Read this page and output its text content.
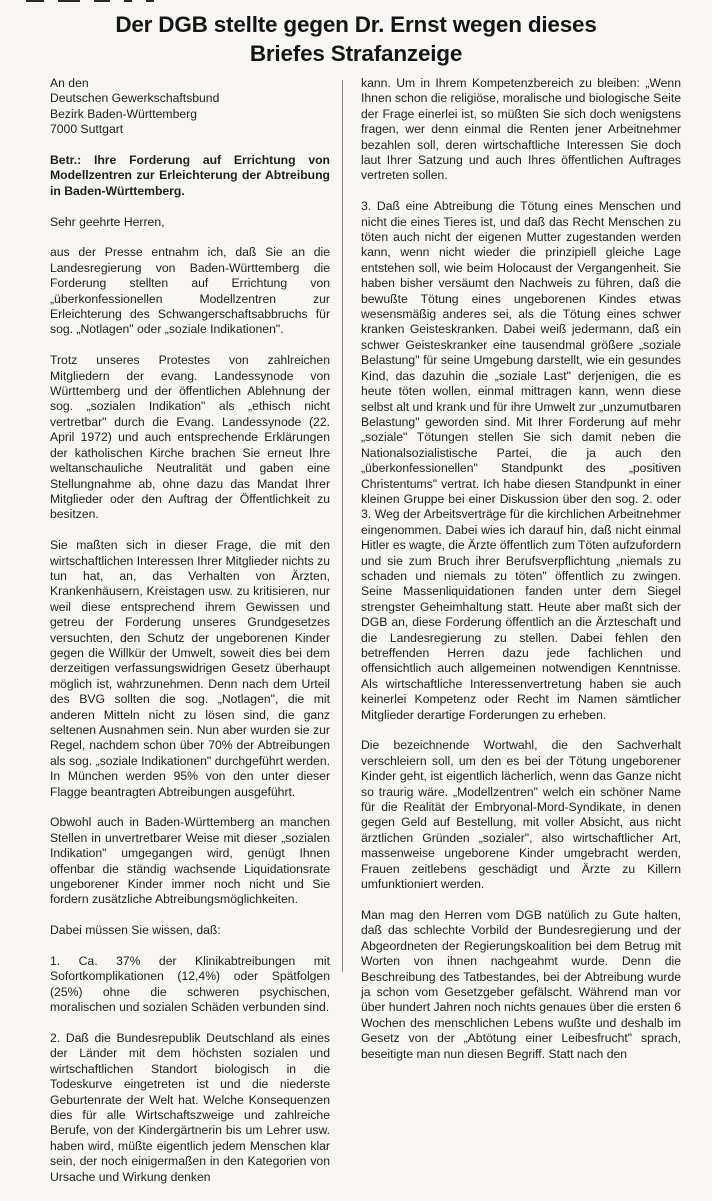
Der DGB stellte gegen Dr. Ernst wegen dieses
Briefes Strafanzeige

An den

Deutschen Gewerkschaftsbund

Bezirk Baden-Württemberg

7000 Suttgart

Betr.: Ihre Forderung auf Errichtung von Modellzentren zur Erleichterung der Abtreibung in Baden-Württemberg.

Sehr geehrte Herren,

aus der Presse entnahm ich, daß Sie an die Landesregierung von Baden-Württemberg die Forderung stellten auf Errichtung von „überkonfessionellen Modellzentren zur Erleichterung des Schwangerschaftsabbruchs für sog. „Notlagen" oder „soziale Indikationen".

Trotz unseres Protestes von zahlreichen Mitgliedern der evang. Landessynode von Württemberg und der öffentlichen Ablehnung der sog. „sozialen Indikation" als „ethisch nicht vertretbar" durch die Evang. Landessynode (22. April 1972) und auch entsprechende Erklärungen der katholischen Kirche brachen Sie erneut Ihre weltanschauliche Neutralität und gaben eine Stellungnahme ab, ohne dazu das Mandat Ihrer Mitglieder oder den Auftrag der Öffentlichkeit zu besitzen.

Sie maßten sich in dieser Frage, die mit den wirtschaftlichen Interessen Ihrer Mitglieder nichts zu tun hat, an, das Verhalten von Ärzten, Krankenhäusern, Kreistagen usw. zu kritisieren, nur weil diese entsprechend ihrem Gewissen und getreu der Forderung unseres Grundgesetzes versuchten, den Schutz der ungeborenen Kinder gegen die Willkür der Umwelt, soweit dies bei dem derzeitigen verfassungswidrigen Gesetz überhaupt möglich ist, wahrzunehmen. Denn nach dem Urteil des BVG sollten die sog. „Notlagen", die mit anderen Mitteln nicht zu lösen sind, die ganz seltenen Ausnahmen sein. Nun aber wurden sie zur Regel, nachdem schon über 70% der Abtreibungen als sog. „soziale Indikationen" durchgeführt werden. In München werden 95% von den unter dieser Flagge beantragten Abtreibungen ausgeführt.

Obwohl auch in Baden-Württemberg an manchen Stellen in unvertretbarer Weise mit dieser „sozialen Indikation" umgegangen wird, genügt Ihnen offenbar die ständig wachsende Liquidationsrate ungeborener Kinder immer noch nicht und Sie fordern zusätzliche Abtreibungsmöglichkeiten.

Dabei müssen Sie wissen, daß:

1. Ca. 37% der Klinikabtreibungen mit Sofortkomplikationen (12,4%) oder Spätfolgen (25%) ohne die schweren psychischen, moralischen und sozialen Schäden verbunden sind.

2. Daß die Bundesrepublik Deutschland als eines der Länder mit dem höchsten sozialen und wirtschaftlichen Standort biologisch in die Todeskurve eingetreten ist und die niederste Geburtenrate der Welt hat. Welche Konsequenzen dies für alle Wirtschaftszweige und zahlreiche Berufe, von der Kindergärtnerin bis um Lehrer usw. haben wird, müßte eigentlich jedem Menschen klar sein, der noch einigermaßen in den Kategorien von Ursache und Wirkung denken

kann. Um in Ihrem Kompetenzbereich zu bleiben: „Wenn Ihnen schon die religiöse, moralische und biologische Seite der Frage einerlei ist, so müßten Sie sich doch wenigstens fragen, wer denn einmal die Renten jener Arbeitnehmer bezahlen soll, deren wirtschaftliche Interessen Sie doch laut Ihrer Satzung und auch Ihres öffentlichen Auftrages vertreten sollen.

3. Daß eine Abtreibung die Tötung eines Menschen und nicht die eines Tieres ist, und daß das Recht Menschen zu töten auch nicht der eigenen Mutter zugestanden werden kann, wenn nicht wieder die prinzipiell gleiche Lage entstehen soll, wie beim Holocaust der Vergangenheit. Sie haben bisher versäumt den Nachweis zu führen, daß die bewußte Tötung eines ungeborenen Kindes etwas wesensmäßig anderes sei, als die Tötung eines schwer kranken Geisteskranken. Dabei weiß jedermann, daß ein schwer Geisteskranker eine tausendmal größere „soziale Belastung" für seine Umgebung darstellt, wie ein gesundes Kind, das dazuhin die „soziale Last" derjenigen, die es heute töten wollen, einmal mittragen kann, wenn diese selbst alt und krank und für ihre Umwelt zur „unzumutbaren Belastung" geworden sind. Mit Ihrer Forderung auf mehr „soziale" Tötungen stellen Sie sich damit neben die Nationalsozialistische Partei, die ja auch den „überkonfessionellen" Standpunkt des „positiven Christentums" vertrat. Ich habe diesen Standpunkt in einer kleinen Gruppe bei einer Diskussion über den sog. 2. oder 3. Weg der Arbeitsverträge für die kirchlichen Arbeitnehmer eingenommen. Dabei wies ich darauf hin, daß nicht einmal Hitler es wagte, die Ärzte öffentlich zum Töten aufzufordern und sie zum Bruch ihrer Berufsverpflichtung „niemals zu schaden und niemals zu töten" öffentlich zu zwingen. Seine Massenliquidationen fanden unter dem Siegel strengster Geheimhaltung statt. Heute aber maßt sich der DGB an, diese Forderung öffentlich an die Ärzteschaft und die Landesregierung zu stellen. Dabei fehlen den betreffenden Herren dazu jede fachlichen und offensichtlich auch allgemeinen notwendigen Kenntnisse. Als wirtschaftliche Interessenvertretung haben sie auch keinerlei Kompetenz oder Recht im Namen sämtlicher Mitglieder derartige Forderungen zu erheben.

Die bezeichnende Wortwahl, die den Sachverhalt verschleiern soll, um den es bei der Tötung ungeborener Kinder geht, ist eigentlich lächerlich, wenn das Ganze nicht so traurig wäre. „Modellzentren" welch ein schöner Name für die Realität der Embryonal-Mord-Syndikate, in denen gegen Geld auf Bestellung, mit voller Absicht, aus nicht ärztlichen Gründen „sozialer", also wirtschaftlicher Art, massenweise ungeborene Kinder umgebracht werden, Frauen zeitlebens geschädigt und Ärzte zu Killern umfunktioniert werden.

Man mag den Herren vom DGB natülich zu Gute halten, daß das schlechte Vorbild der Bundesregierung und der Abgeordneten der Regierungskoalition bei dem Betrug mit Worten von ihnen nachgeahmt wurde. Denn die Beschreibung des Tatbestandes, bei der Abtreibung wurde ja schon vom Gesetzgeber gefälscht. Während man vor über hundert Jahren noch nichts genaues über die ersten 6 Wochen des menschlichen Lebens wußte und deshalb im Gesetz von der „Abtötung einer Leibesfrucht" sprach, beseitigte man nun diesen Begriff. Statt nach den
